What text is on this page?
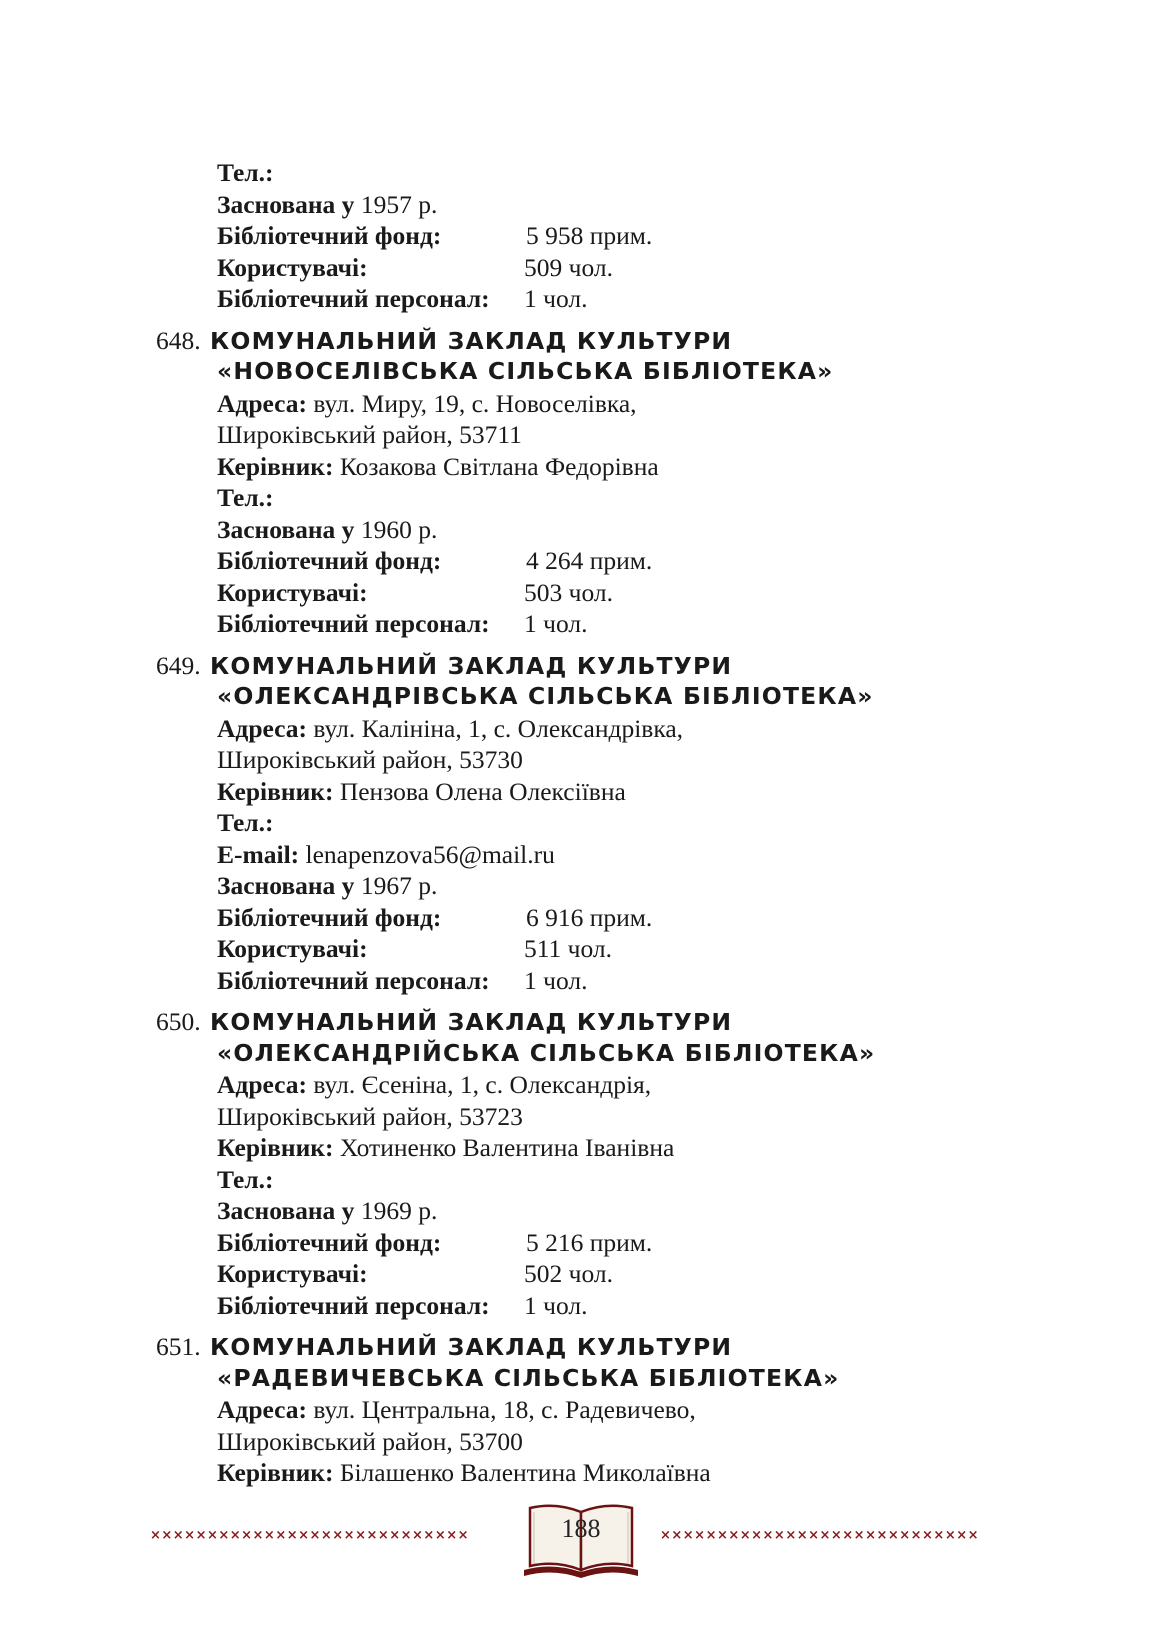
Тел.:
Заснована у 1957 р.
Бібліотечний фонд:	5 958 прим.
Користувачі:	509 чол.
Бібліотечний персонал: 1 чол.
648. КОМУНАЛЬНИЙ ЗАКЛАД КУЛЬТУРИ
«НОВОСЕЛІВСЬКА СІЛЬСЬКА БІБЛІОТЕКА»
Адреса: вул. Миру, 19, с. Новоселівка,
Широківський район, 53711
Керівник: Козакова Світлана Федорівна
Тел.:
Заснована у 1960 р.
Бібліотечний фонд:	4 264 прим.
Користувачі:	503 чол.
Бібліотечний персонал: 1 чол.
649. КОМУНАЛЬНИЙ ЗАКЛАД КУЛЬТУРИ
«ОЛЕКСАНДРІВСЬКА СІЛЬСЬКА БІБЛІОТЕКА»
Адреса: вул. Калініна, 1, с. Олександрівка,
Широківський район, 53730
Керівник: Пензова Олена Олексіївна
Тел.:
E-mail: lenapenzova56@mail.ru
Заснована у 1967 р.
Бібліотечний фонд:	6 916 прим.
Користувачі:	511 чол.
Бібліотечний персонал: 1 чол.
650. КОМУНАЛЬНИЙ ЗАКЛАД КУЛЬТУРИ
«ОЛЕКСАНДРІЙСЬКА СІЛЬСЬКА БІБЛІОТЕКА»
Адреса: вул. Єсеніна, 1, с. Олександрія,
Широківський район, 53723
Керівник: Хотиненко Валентина Іванівна
Тел.:
Заснована у 1969 р.
Бібліотечний фонд:	5 216 прим.
Користувачі:	502 чол.
Бібліотечний персонал: 1 чол.
651. КОМУНАЛЬНИЙ ЗАКЛАД КУЛЬТУРИ
«РАДЕВИЧЕВСЬКА СІЛЬСЬКА БІБЛІОТЕКА»
Адреса: вул. Центральна, 18, с. Радевичево,
Широківський район, 53700
Керівник: Білашенко Валентина Миколаївна
××××××××××××××××××××××××××××	188	××××××××××××××××××××××××××××
